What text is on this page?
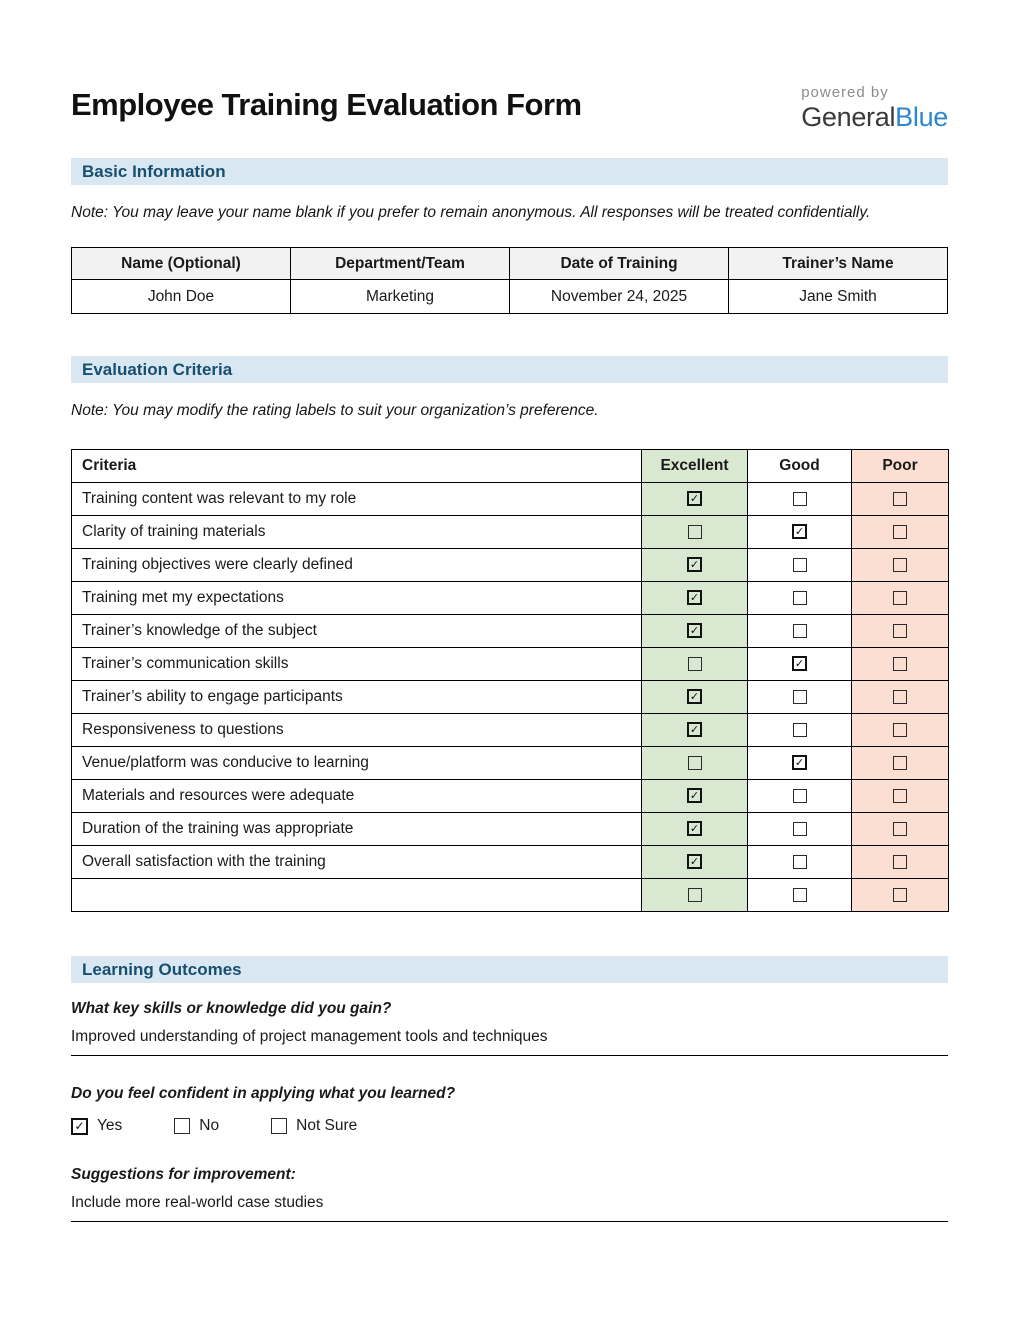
Employee Training Evaluation Form	powered by
GeneralBlue
Basic Information

Note: You may leave your name blank if you prefer to remain anonymous. All responses will be treated confidentially.

Name (Optional)	Department/Team	Date of Training	Trainer’s Name
John Doe	Marketing	November 24, 2025	Jane Smith
Evaluation Criteria

Note: You may modify the rating labels to suit your organization’s preference.

Criteria	Excellent	Good	Poor
Training content was relevant to my role	✓		
Clarity of training materials		✓	
Training objectives were clearly defined	✓		
Training met my expectations	✓		
Trainer’s knowledge of the subject	✓		
Trainer’s communication skills		✓	
Trainer’s ability to engage participants	✓		
Responsiveness to questions	✓		
Venue/platform was conducive to learning		✓	
Materials and resources were adequate	✓		
Duration of the training was appropriate	✓		
Overall satisfaction with the training	✓		

Learning Outcomes

What key skills or knowledge did you gain?

Improved understanding of project management tools and techniques

Do you feel confident in applying what you learned?

✓
Yes	No	Not Sure

Suggestions for improvement:

Include more real-world case studies
